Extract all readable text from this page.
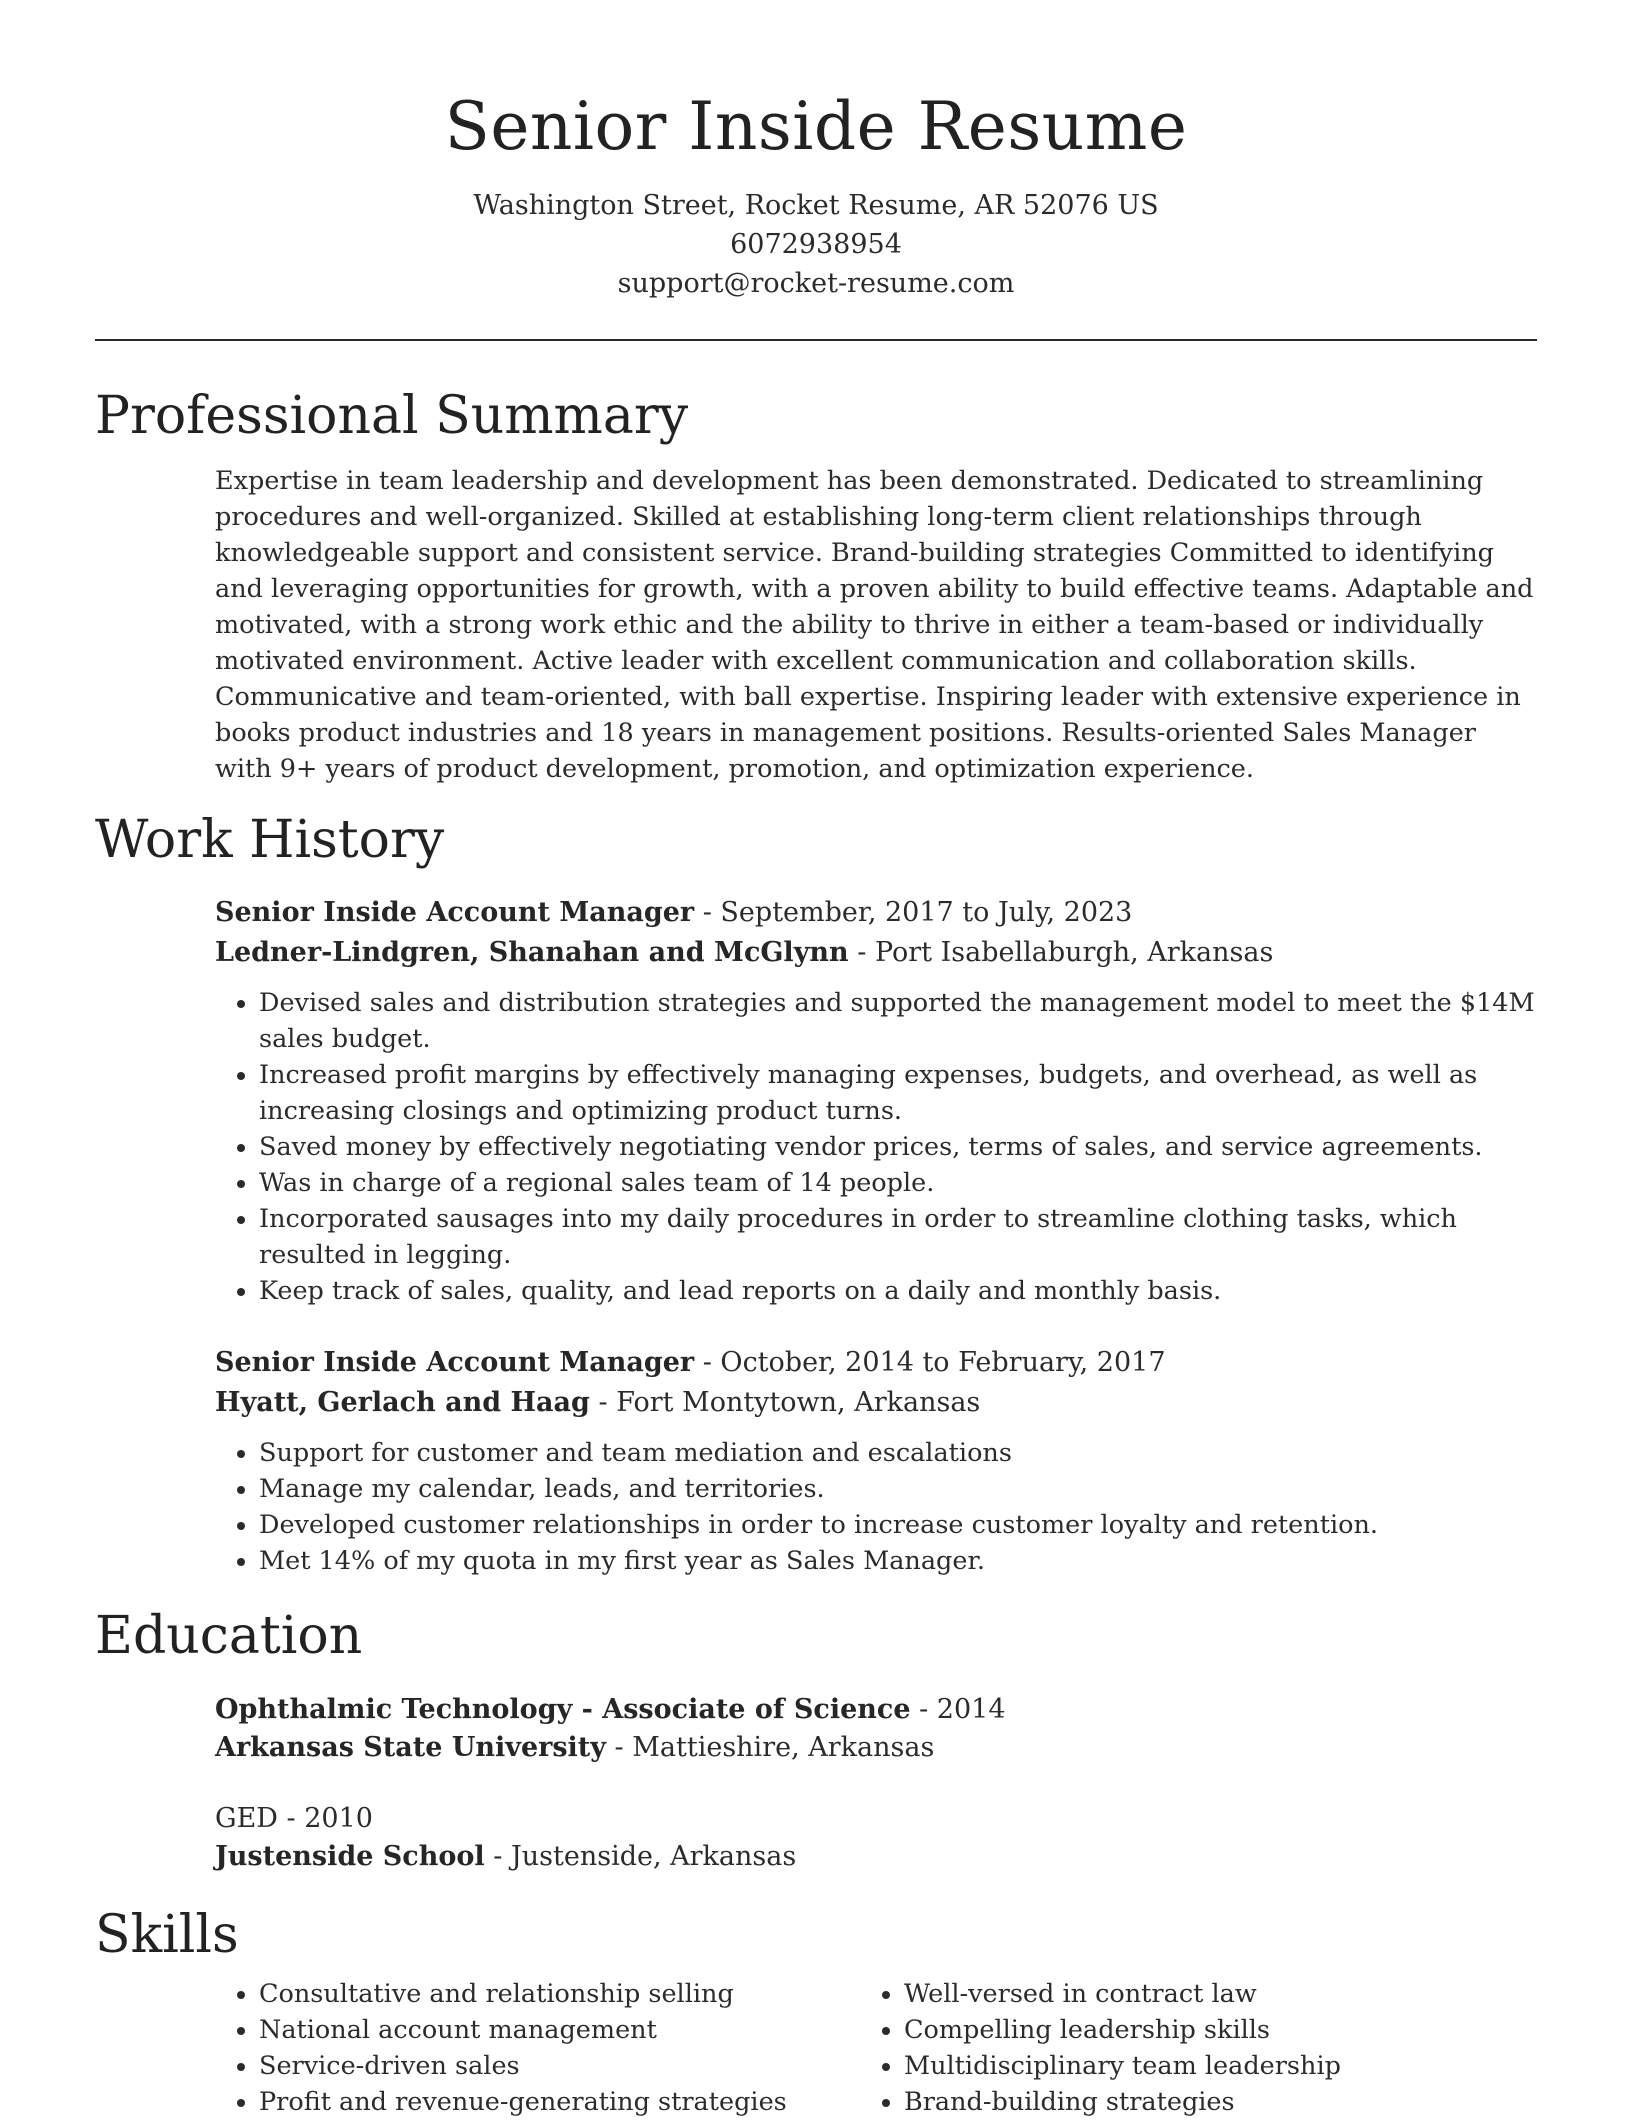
Senior Inside Resume
Washington Street, Rocket Resume, AR 52076 US
6072938954
support@rocket-resume.com
Professional Summary
Expertise in team leadership and development has been demonstrated. Dedicated to streamlining procedures and well-organized. Skilled at establishing long-term client relationships through knowledgeable support and consistent service. Brand-building strategies Committed to identifying and leveraging opportunities for growth, with a proven ability to build effective teams. Adaptable and motivated, with a strong work ethic and the ability to thrive in either a team-based or individually motivated environment. Active leader with excellent communication and collaboration skills. Communicative and team-oriented, with ball expertise. Inspiring leader with extensive experience in books product industries and 18 years in management positions. Results-oriented Sales Manager with 9+ years of product development, promotion, and optimization experience.
Work History
Senior Inside Account Manager - September, 2017 to July, 2023
Ledner-Lindgren, Shanahan and McGlynn - Port Isabellaburgh, Arkansas
• Devised sales and distribution strategies and supported the management model to meet the $14M sales budget.
• Increased profit margins by effectively managing expenses, budgets, and overhead, as well as increasing closings and optimizing product turns.
• Saved money by effectively negotiating vendor prices, terms of sales, and service agreements.
• Was in charge of a regional sales team of 14 people.
• Incorporated sausages into my daily procedures in order to streamline clothing tasks, which resulted in legging.
• Keep track of sales, quality, and lead reports on a daily and monthly basis.
Senior Inside Account Manager - October, 2014 to February, 2017
Hyatt, Gerlach and Haag - Fort Montytown, Arkansas
• Support for customer and team mediation and escalations
• Manage my calendar, leads, and territories.
• Developed customer relationships in order to increase customer loyalty and retention.
• Met 14% of my quota in my first year as Sales Manager.
Education
Ophthalmic Technology - Associate of Science - 2014
Arkansas State University - Mattieshire, Arkansas
GED - 2010
Justenside School - Justenside, Arkansas
Skills
• Consultative and relationship selling
• National account management
• Service-driven sales
• Profit and revenue-generating strategies
• Well-versed in contract law
• Compelling leadership skills
• Multidisciplinary team leadership
• Brand-building strategies
